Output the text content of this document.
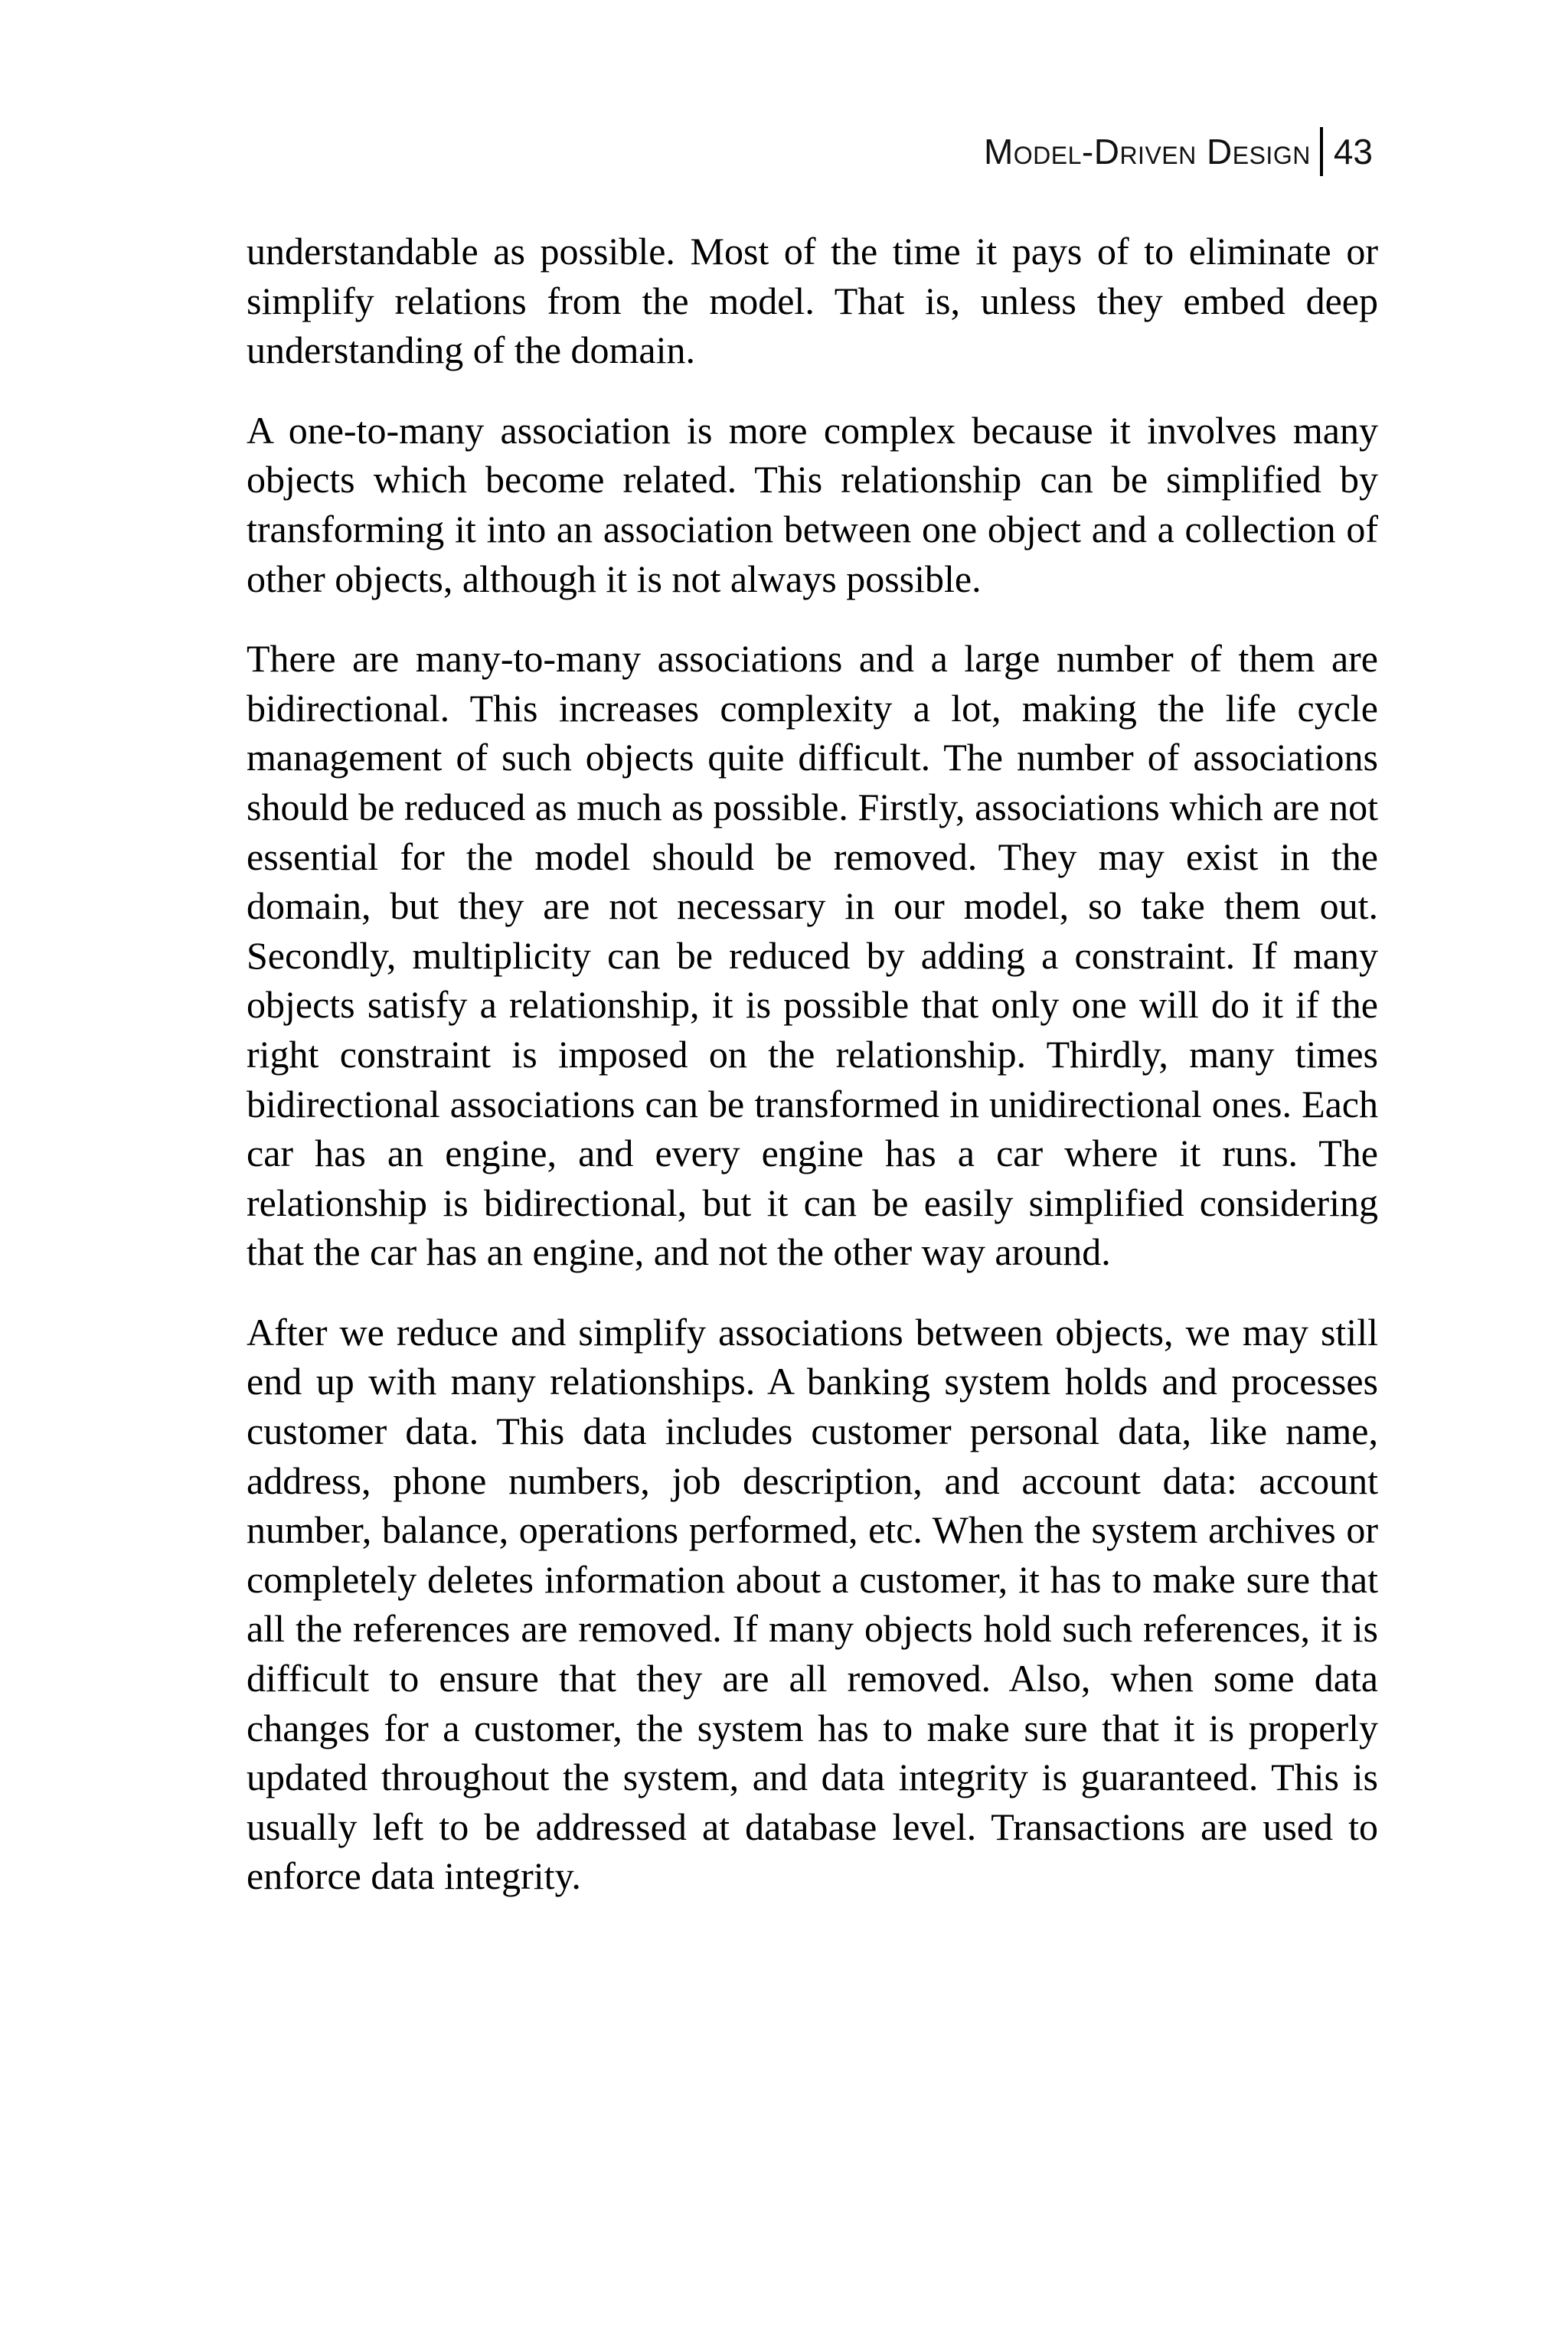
Model-Driven Design 43

understandable as possible. Most of the time it pays of to eliminate or simplify relations from the model. That is, unless they embed deep understanding of the domain.

A one-to-many association is more complex because it involves many objects which become related. This relationship can be simplified by transforming it into an association between one object and a collection of other objects, although it is not always possible.

There are many-to-many associations and a large number of them are bidirectional. This increases complexity a lot, making the life cycle management of such objects quite difficult. The number of associations should be reduced as much as possible. Firstly, associations which are not essential for the model should be removed. They may exist in the domain, but they are not necessary in our model, so take them out. Secondly, multiplicity can be reduced by adding a constraint. If many objects satisfy a relationship, it is possible that only one will do it if the right constraint is imposed on the relationship. Thirdly, many times bidirectional associations can be transformed in unidirectional ones. Each car has an engine, and every engine has a car where it runs. The relationship is bidirectional, but it can be easily simplified considering that the car has an engine, and not the other way around.

After we reduce and simplify associations between objects, we may still end up with many relationships. A banking system holds and processes customer data. This data includes customer personal data, like name, address, phone numbers, job description, and account data: account number, balance, operations performed, etc. When the system archives or completely deletes information about a customer, it has to make sure that all the references are removed. If many objects hold such references, it is difficult to ensure that they are all removed. Also, when some data changes for a customer, the system has to make sure that it is properly updated throughout the system, and data integrity is guaranteed. This is usually left to be addressed at database level. Transactions are used to enforce data integrity.
